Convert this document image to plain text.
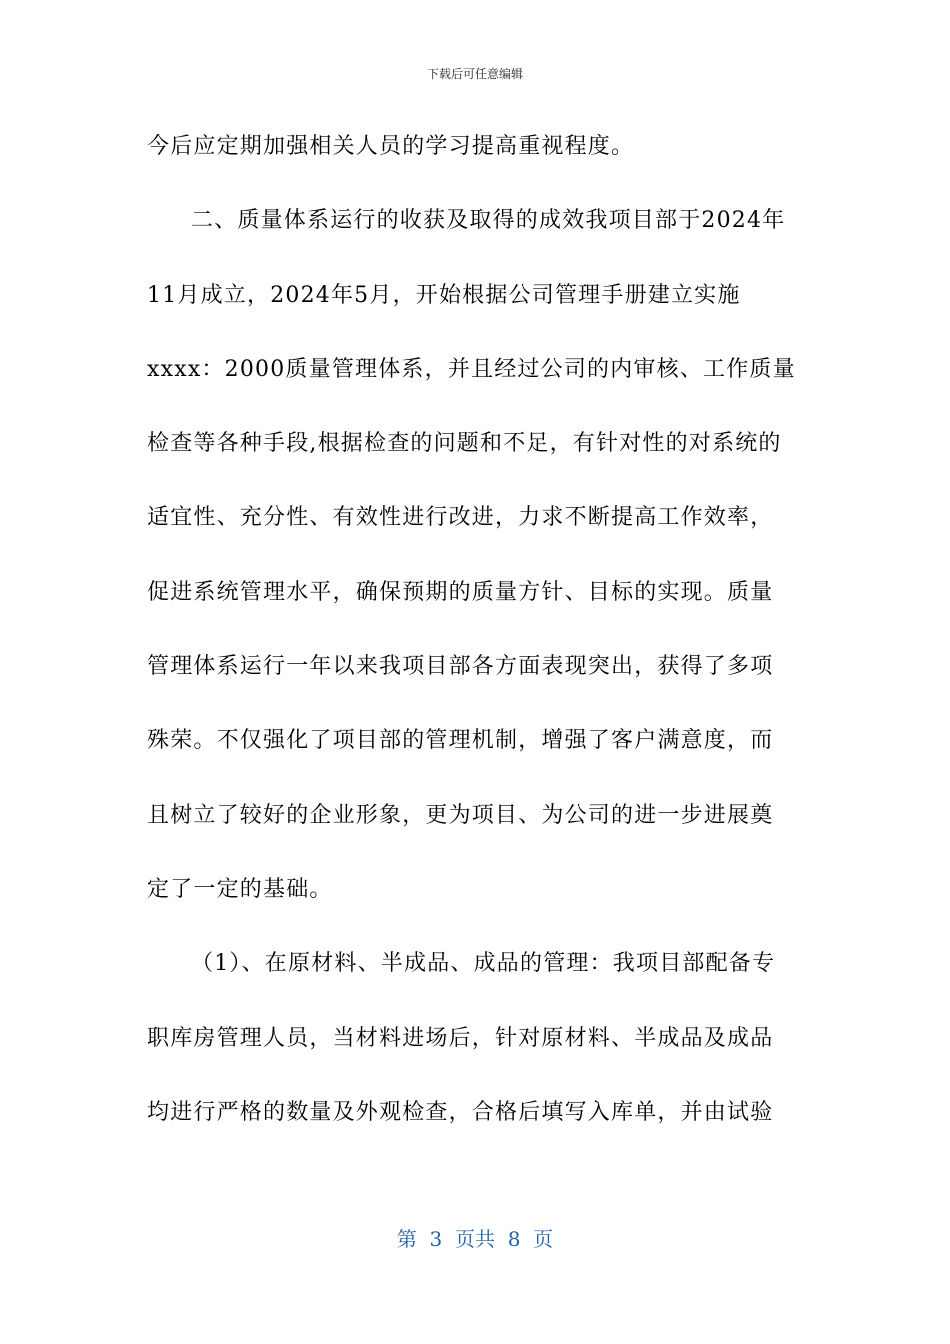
下载后可任意编辑
今后应定期加强相关人员的学习提高重视程度。
二、质量体系运行的收获及取得的成效我项目部于2024年
11月成立，2024年5月，开始根据公司管理手册建立实施
xxxx：2000质量管理体系，并且经过公司的内审核、工作质量
检查等各种手段,根据检查的问题和不足，有针对性的对系统的
适宜性、充分性、有效性进行改进，力求不断提高工作效率，
促进系统管理水平，确保预期的质量方针、目标的实现。质量
管理体系运行一年以来我项目部各方面表现突出，获得了多项
殊荣。不仅强化了项目部的管理机制，增强了客户满意度，而
且树立了较好的企业形象，更为项目、为公司的进一步进展奠
定了一定的基础。
（1）、在原材料、半成品、成品的管理：我项目部配备专
职库房管理人员，当材料进场后，针对原材料、半成品及成品
均进行严格的数量及外观检查，合格后填写入库单，并由试验
第  3  页共  8  页
